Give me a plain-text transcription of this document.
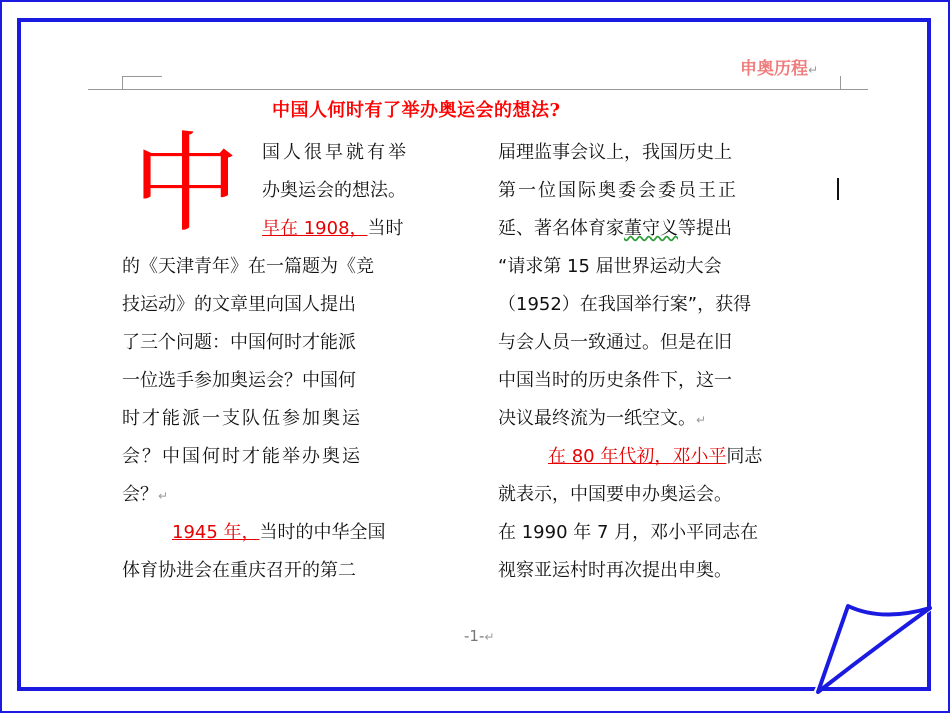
申奥历程↵
中国人何时有了举办奥运会的想法?
中 国人很早就有举
办奥运会的想法。
早在 1908，当时
的《天津青年》在一篇题为《竞
技运动》的文章里向国人提出
了三个问题：中国何时才能派
一位选手参加奥运会？中国何
时才能派一支队伍参加奥运
会？中国何时才能举办奥运
会？↵
1945 年，当时的中华全国
体育协进会在重庆召开的第二
届理监事会议上，我国历史上
第一位国际奥委会委员王正
延、著名体育家董守义等提出
“请求第 15 届世界运动大会
（1952）在我国举行案”，获得
与会人员一致通过。但是在旧
中国当时的历史条件下，这一
决议最终流为一纸空文。↵
在 80 年代初，邓小平同志
就表示，中国要申办奥运会。
在 1990 年 7 月，邓小平同志在
视察亚运村时再次提出申奥。
-1-↵
